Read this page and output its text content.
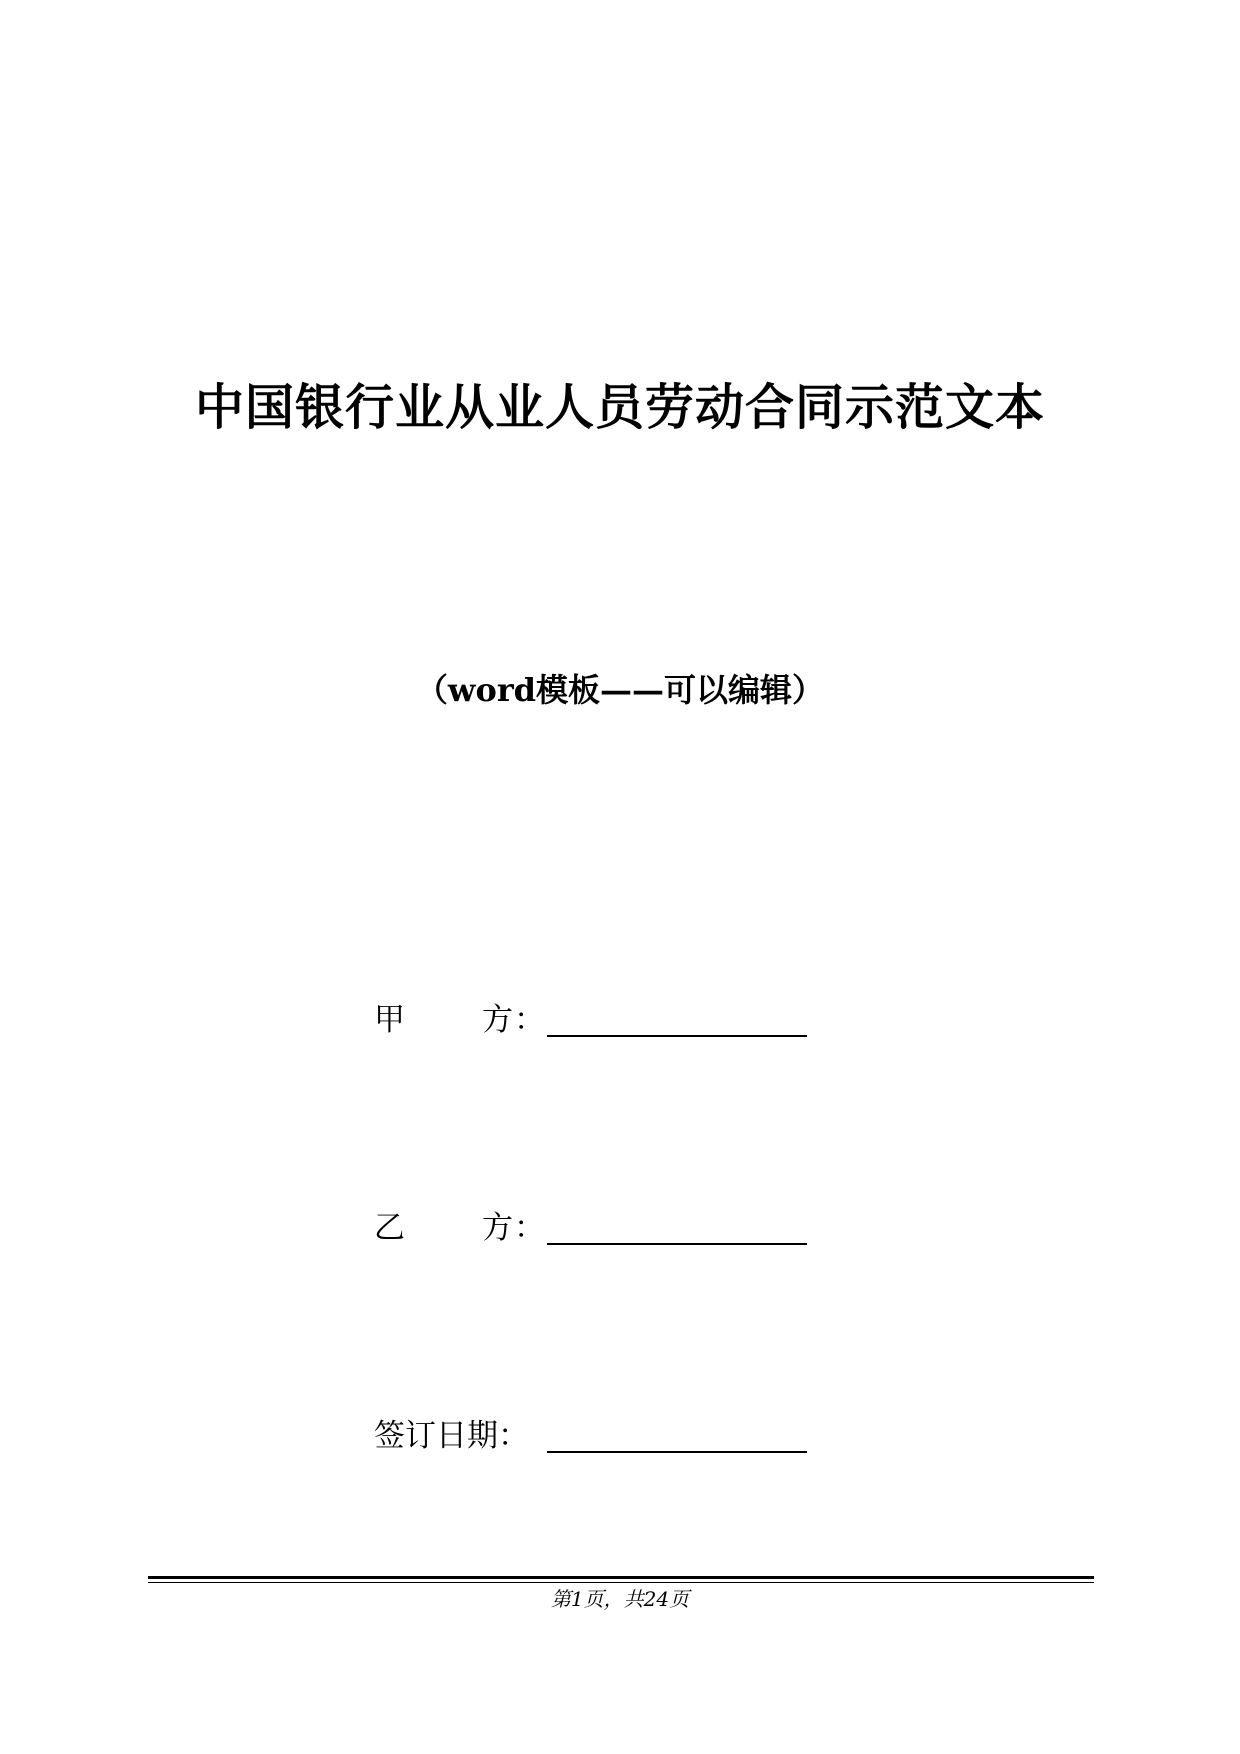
中国银行业从业人员劳动合同示范文本
（word模板——可以编辑）
甲 方 ：
乙 方 ：
签订日期：
第1页，共24页
